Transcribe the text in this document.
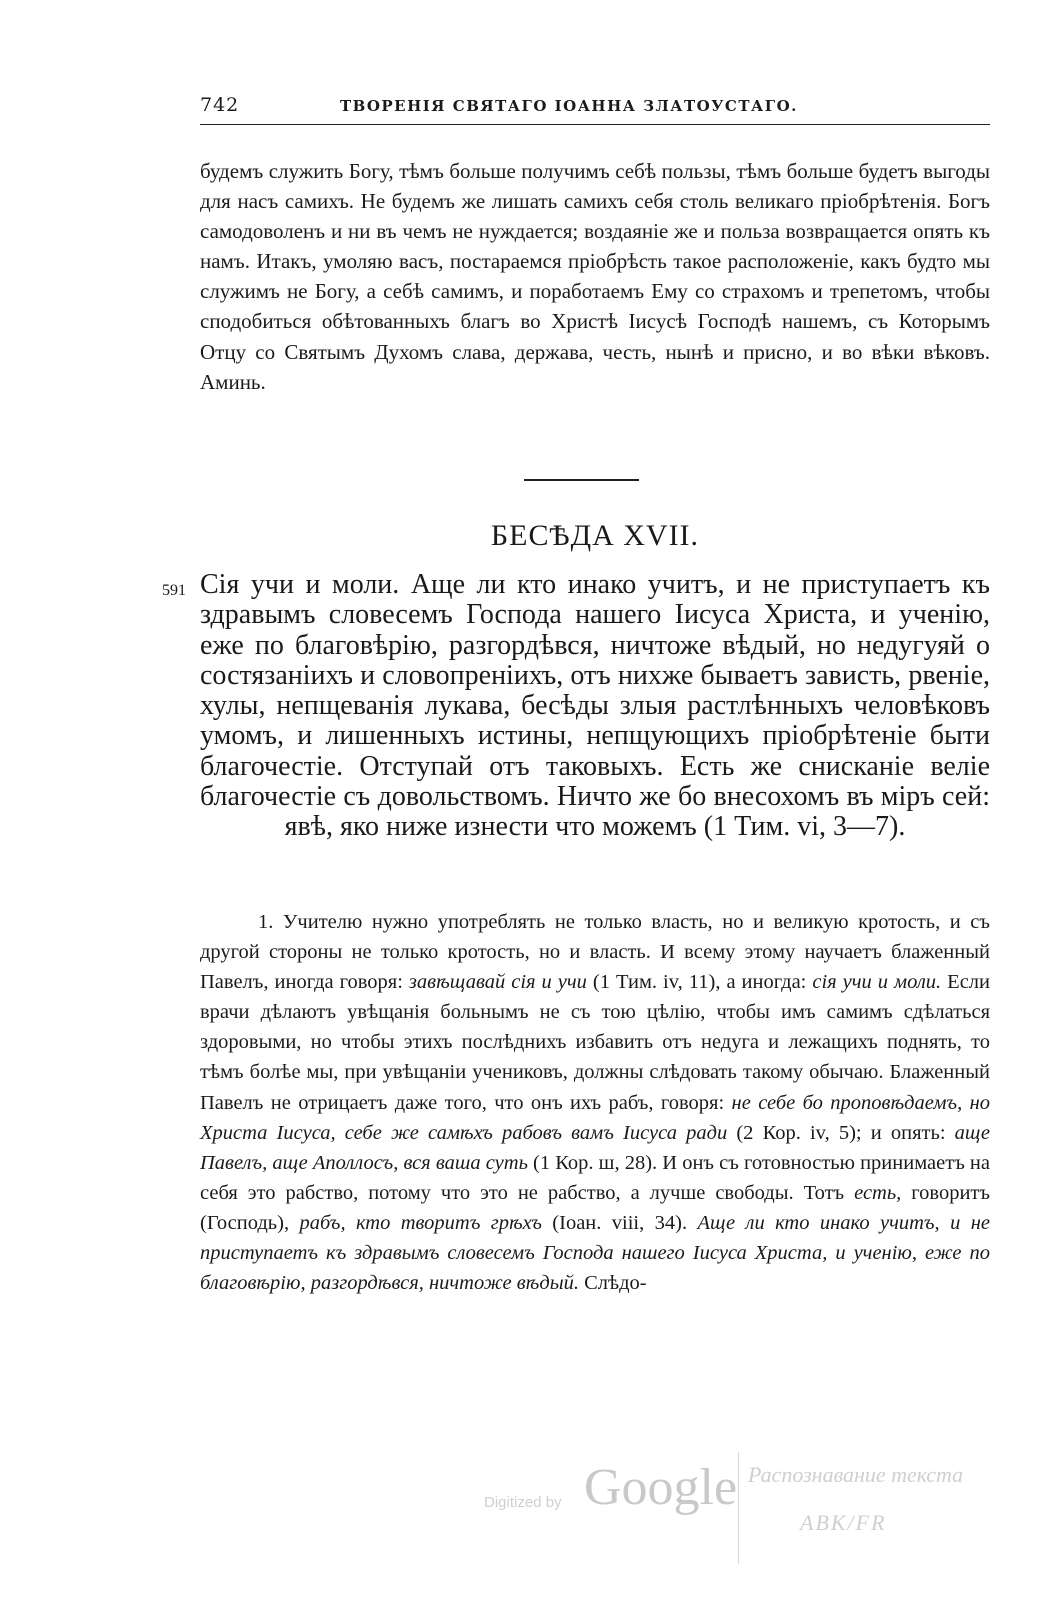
742	ТВОРЕНІЯ СВЯТАГО ІОАННА ЗЛАТОУСТАГО.

будемъ служить Богу, тѣмъ больше получимъ себѣ пользы, тѣмъ больше будетъ выгоды для насъ самихъ. Не будемъ же лишать самихъ себя столь великаго пріобрѣтенія. Богъ самодоволенъ и ни въ чемъ не нуждается; воздаяніе же и польза возвращается опять къ намъ. Итакъ, умоляю васъ, постараемся пріобрѣсть такое расположеніе, какъ будто мы служимъ не Богу, а себѣ самимъ, и поработаемъ Ему со страхомъ и трепетомъ, чтобы сподобиться обѣтованныхъ благъ во Христѣ Іисусѣ Господѣ нашемъ, съ Которымъ Отцу со Святымъ Духомъ слава, держава, честь, нынѣ и присно, и во вѣки вѣковъ. Аминь.

БЕСѢДА XVII.
591 Сія учи и моли. Аще ли кто инако учитъ, и не приступаетъ къ здравымъ словесемъ Господа нашего Іисуса Христа, и ученію, еже по благовѣрію, разгордѣвся, ничтоже вѣдый, но недугуяй о состязаніихъ и словопреніихъ, отъ нихже бываетъ зависть, рвеніе, хулы, непщеванія лукава, бесѣды злыя растлѣнныхъ человѣковъ умомъ, и лишенныхъ истины, непщующихъ пріобрѣтеніе быти благочестіе. Отступай отъ таковыхъ. Есть же снисканіе веліе благочестіе съ довольствомъ. Ничто же бо внесохомъ въ міръ сей: явѣ, яко ниже изнести что можемъ (1 Тим. vi, 3—7).

1. Учителю нужно употреблять не только власть, но и великую кротость, и съ другой стороны не только кротость, но и власть. И всему этому научаетъ блаженный Павелъ, иногда говоря: завѣщавай сія и учи (1 Тим. iv, 11), а иногда: сія учи и моли. Если врачи дѣлаютъ увѣщанія больнымъ не съ тою цѣлію, чтобы имъ самимъ сдѣлаться здоровыми, но чтобы этихъ послѣднихъ избавить отъ недуга и лежащихъ поднять, то тѣмъ болѣе мы, при увѣщаніи учениковъ, должны слѣдовать такому обычаю. Блаженный Павелъ не отрицаетъ даже того, что онъ ихъ рабъ, говоря: не себе бо проповѣдаемъ, но Христа Іисуса, себе же самѣхъ рабовъ вамъ Іисуса ради (2 Кор. iv, 5); и опять: аще Павелъ, аще Аполлосъ, вся ваша суть (1 Кор. ш, 28). И онъ съ готовностью принимаетъ на себя это рабство, потому что это не рабство, а лучше свободы. Тотъ есть, говоритъ (Господь), рабъ, кто творитъ грѣхъ (Іоан. viii, 34). Аще ли кто инако учитъ, и не приступаетъ къ здравымъ словесемъ Господа нашего Іисуса Христа, и ученію, еже по благовѣрію, разгордѣвся, ничтоже вѣдый. Слѣдо-

Digitized by Google Распознавание текста
ABK/FR
